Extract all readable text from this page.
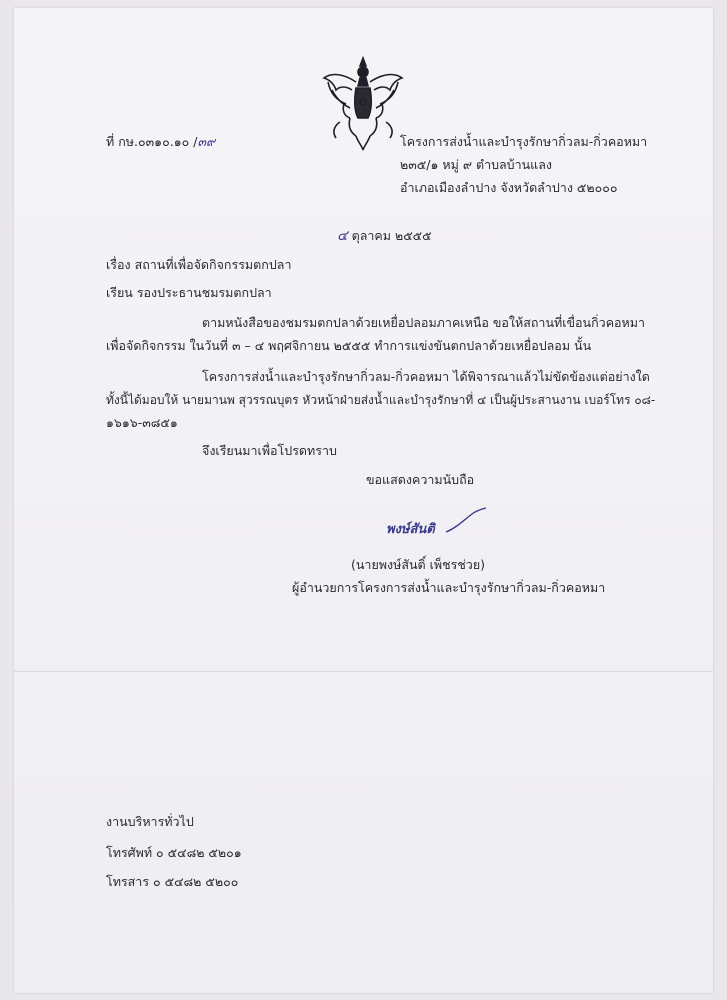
ที่ กษ.๐๓๑๐.๑๐ /๓๙	โครงการส่งน้ำและบำรุงรักษากิ่วลม-กิ่วคอหมา
๒๓๕/๑ หมู่ ๙ ตำบลบ้านแลง
อำเภอเมืองลำปาง จังหวัดลำปาง ๕๒๐๐๐
๔ ตุลาคม ๒๕๕๕
เรื่อง สถานที่เพื่อจัดกิจกรรมตกปลา
เรียน รองประธานชมรมตกปลา
ตามหนังสือของชมรมตกปลาด้วยเหยื่อปลอมภาคเหนือ ขอให้สถานที่เขื่อนกิ่วคอหมา
เพื่อจัดกิจกรรม ในวันที่ ๓ – ๔ พฤศจิกายน ๒๕๕๕ ทำการแข่งขันตกปลาด้วยเหยื่อปลอม นั้น
โครงการส่งน้ำและบำรุงรักษากิ่วลม-กิ่วคอหมา ได้พิจารณาแล้วไม่ขัดข้องแต่อย่างใด
ทั้งนี้ได้มอบให้ นายมานพ สุวรรณบุตร หัวหน้าฝ่ายส่งน้ำและบำรุงรักษาที่ ๔ เป็นผู้ประสานงาน เบอร์โทร ๐๘-
๑๖๑๖-๓๘๕๑
จึงเรียนมาเพื่อโปรดทราบ
ขอแสดงความนับถือ
พงษ์สันติ
(นายพงษ์สันติ์ เพ็ชรช่วย)
ผู้อำนวยการโครงการส่งน้ำและบำรุงรักษากิ่วลม-กิ่วคอหมา
งานบริหารทั่วไป
โทรศัพท์ ๐ ๕๔๘๒ ๕๒๐๑
โทรสาร ๐ ๕๔๘๒ ๕๒๐๐
